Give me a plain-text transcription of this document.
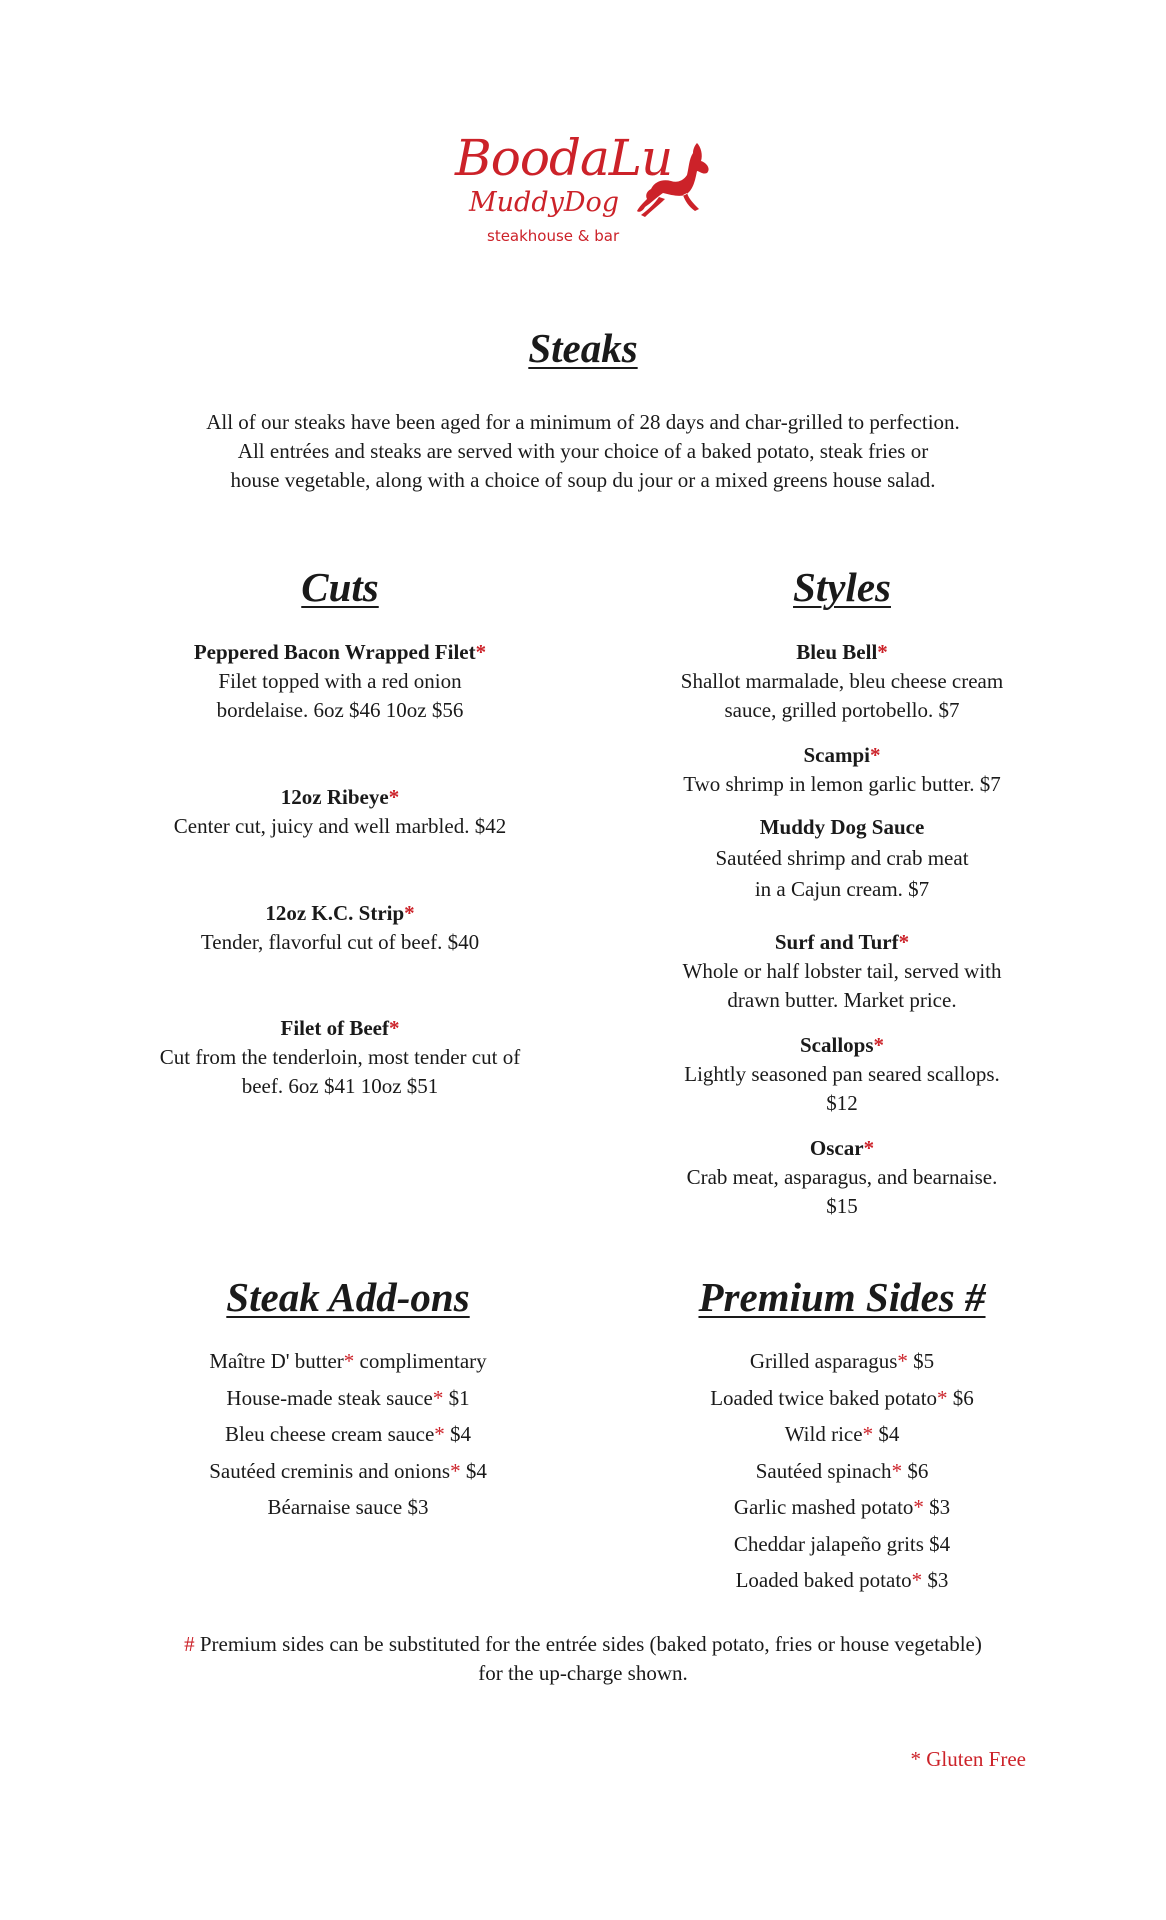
BoodaLu
MuddyDog
steakhouse & bar
Steaks
All of our steaks have been aged for a minimum of 28 days and char-grilled to perfection.
All entrées and steaks are served with your choice of a baked potato, steak fries or
house vegetable, along with a choice of soup du jour or a mixed greens house salad.
Cuts
Peppered Bacon Wrapped Filet*
Filet topped with a red onion
bordelaise. 6oz $46 10oz $56
12oz Ribeye*
Center cut, juicy and well marbled. $42
12oz K.C. Strip*
Tender, flavorful cut of beef. $40
Filet of Beef*
Cut from the tenderloin, most tender cut of
beef. 6oz $41 10oz $51
Styles
Bleu Bell*
Shallot marmalade, bleu cheese cream
sauce, grilled portobello. $7
Scampi*
Two shrimp in lemon garlic butter. $7
Muddy Dog Sauce
Sautéed shrimp and crab meat
in a Cajun cream. $7
Surf and Turf*
Whole or half lobster tail, served with
drawn butter. Market price.
Scallops*
Lightly seasoned pan seared scallops.
$12
Oscar*
Crab meat, asparagus, and bearnaise.
$15
Steak Add-ons
Maître D' butter* complimentary
House-made steak sauce* $1
Bleu cheese cream sauce* $4
Sautéed creminis and onions* $4
Béarnaise sauce $3
Premium Sides #
Grilled asparagus* $5
Loaded twice baked potato* $6
Wild rice* $4
Sautéed spinach* $6
Garlic mashed potato* $3
Cheddar jalapeño grits $4
Loaded baked potato* $3
# Premium sides can be substituted for the entrée sides (baked potato, fries or house vegetable)
for the up-charge shown.
* Gluten Free
